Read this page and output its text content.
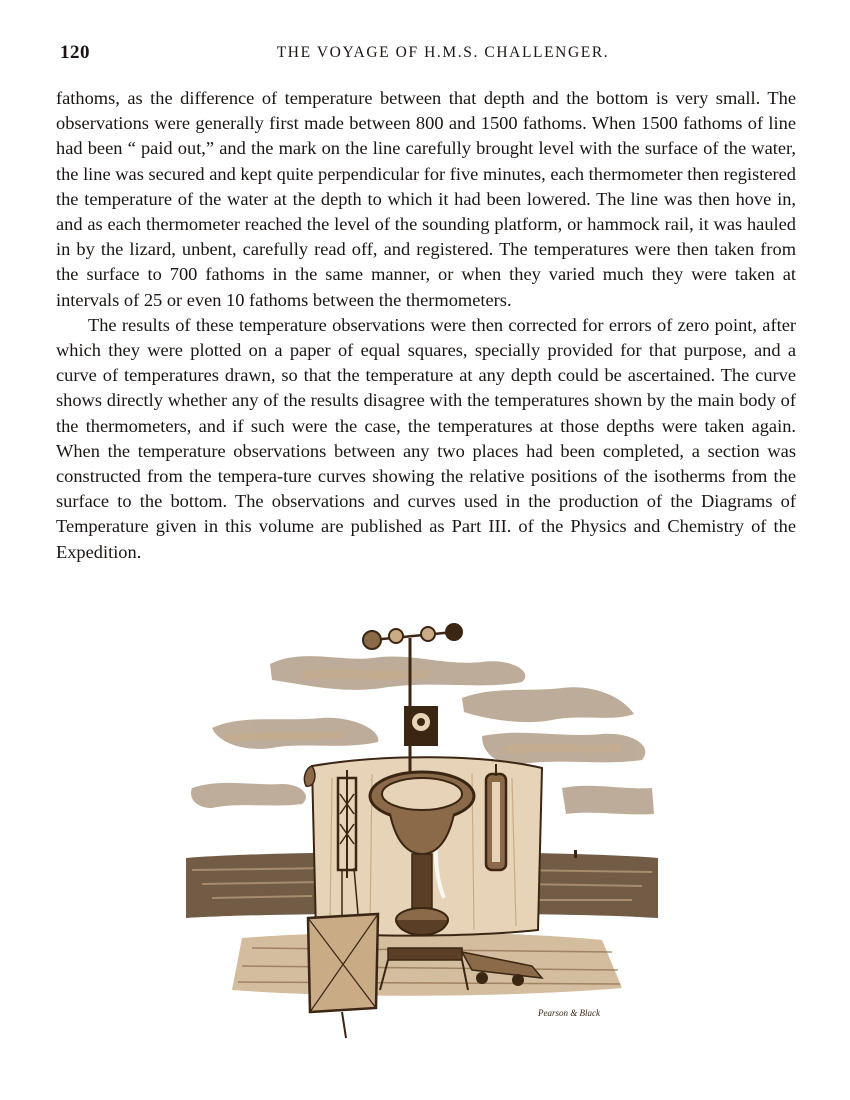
120	THE VOYAGE OF H.M.S. CHALLENGER.

fathoms, as the difference of temperature between that depth and the bottom is very small. The observations were generally first made between 800 and 1500 fathoms. When 1500 fathoms of line had been “ paid out,” and the mark on the line carefully brought level with the surface of the water, the line was secured and kept quite perpendicular for five minutes, each thermometer then registered the temperature of the water at the depth to which it had been lowered. The line was then hove in, and as each thermometer reached the level of the sounding platform, or hammock rail, it was hauled in by the lizard, unbent, carefully read off, and registered. The temperatures were then taken from the surface to 700 fathoms in the same manner, or when they varied much they were taken at intervals of 25 or even 10 fathoms between the thermometers.

The results of these temperature observations were then corrected for errors of zero point, after which they were plotted on a paper of equal squares, specially provided for that purpose, and a curve of temperatures drawn, so that the temperature at any depth could be ascertained. The curve shows directly whether any of the results disagree with the temperatures shown by the main body of the thermometers, and if such were the case, the temperatures at those depths were taken again. When the temperature observations between any two places had been completed, a section was constructed from the tempera-ture curves showing the relative positions of the isotherms from the surface to the bottom. The observations and curves used in the production of the Diagrams of Temperature given in this volume are published as Part III. of the Physics and Chemistry of the Expedition.

Pearson & Black
